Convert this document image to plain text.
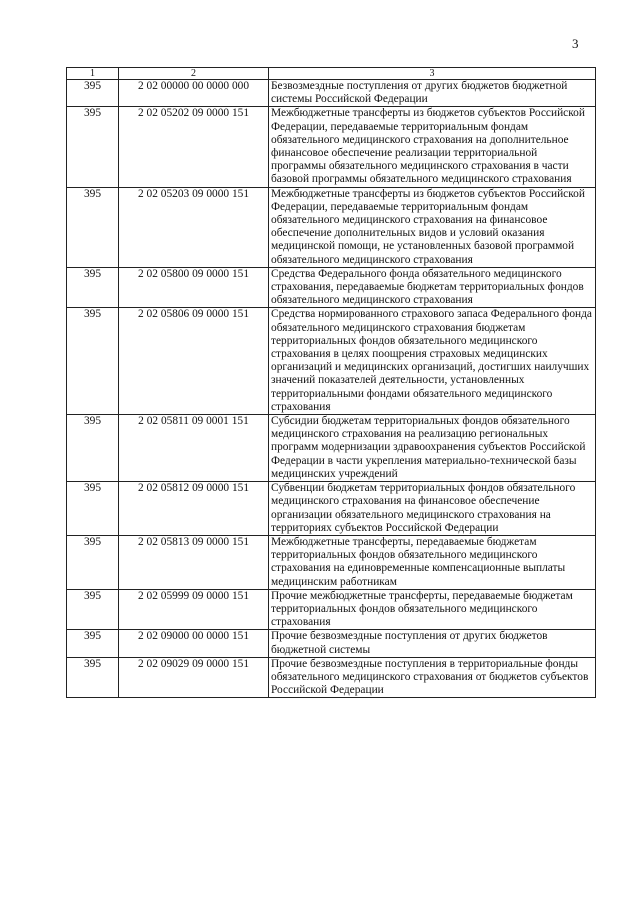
3
1	2	3
395	2 02 00000 00 0000 000	Безвозмездные поступления от других бюджетов бюджетной системы Российской Федерации
395	2 02 05202 09 0000 151	Межбюджетные трансферты из бюджетов субъектов Российской Федерации, передаваемые территориальным фондам обязательного медицинского страхования на дополнительное финансовое обеспечение реализации территориальной программы обязательного медицинского страхования в части базовой программы обязательного медицинского страхования
395	2 02 05203 09 0000 151	Межбюджетные трансферты из бюджетов субъектов Российской Федерации, передаваемые территориальным фондам обязательного медицинского страхования на финансовое обеспечение дополнительных видов и условий оказания медицинской помощи, не установленных базовой программой обязательного медицинского страхования
395	2 02 05800 09 0000 151	Средства Федерального фонда обязательного медицинского страхования, передаваемые бюджетам территориальных фондов обязательного медицинского страхования
395	2 02 05806 09 0000 151	Средства нормированного страхового запаса Федерального фонда обязательного медицинского страхования бюджетам территориальных фондов обязательного медицинского страхования в целях поощрения страховых медицинских организаций и медицинских организаций, достигших наилучших значений показателей деятельности, установленных территориальными фондами обязательного медицинского страхования
395	2 02 05811 09 0001 151	Субсидии бюджетам территориальных фондов обязательного медицинского страхования на реализацию региональных программ модернизации здравоохранения субъектов Российской Федерации в части укрепления материально-технической базы медицинских учреждений
395	2 02 05812 09 0000 151	Субвенции бюджетам территориальных фондов обязательного медицинского страхования на финансовое обеспечение организации обязательного медицинского страхования на территориях субъектов Российской Федерации
395	2 02 05813 09 0000 151	Межбюджетные трансферты, передаваемые бюджетам территориальных фондов обязательного медицинского страхования на единовременные компенсационные выплаты медицинским работникам
395	2 02 05999 09 0000 151	Прочие межбюджетные трансферты, передаваемые бюджетам территориальных фондов обязательного медицинского страхования
395	2 02 09000 00 0000 151	Прочие безвозмездные поступления от других бюджетов бюджетной системы
395	2 02 09029 09 0000 151	Прочие безвозмездные поступления в территориальные фонды обязательного медицинского страхования от бюджетов субъектов Российской Федерации
